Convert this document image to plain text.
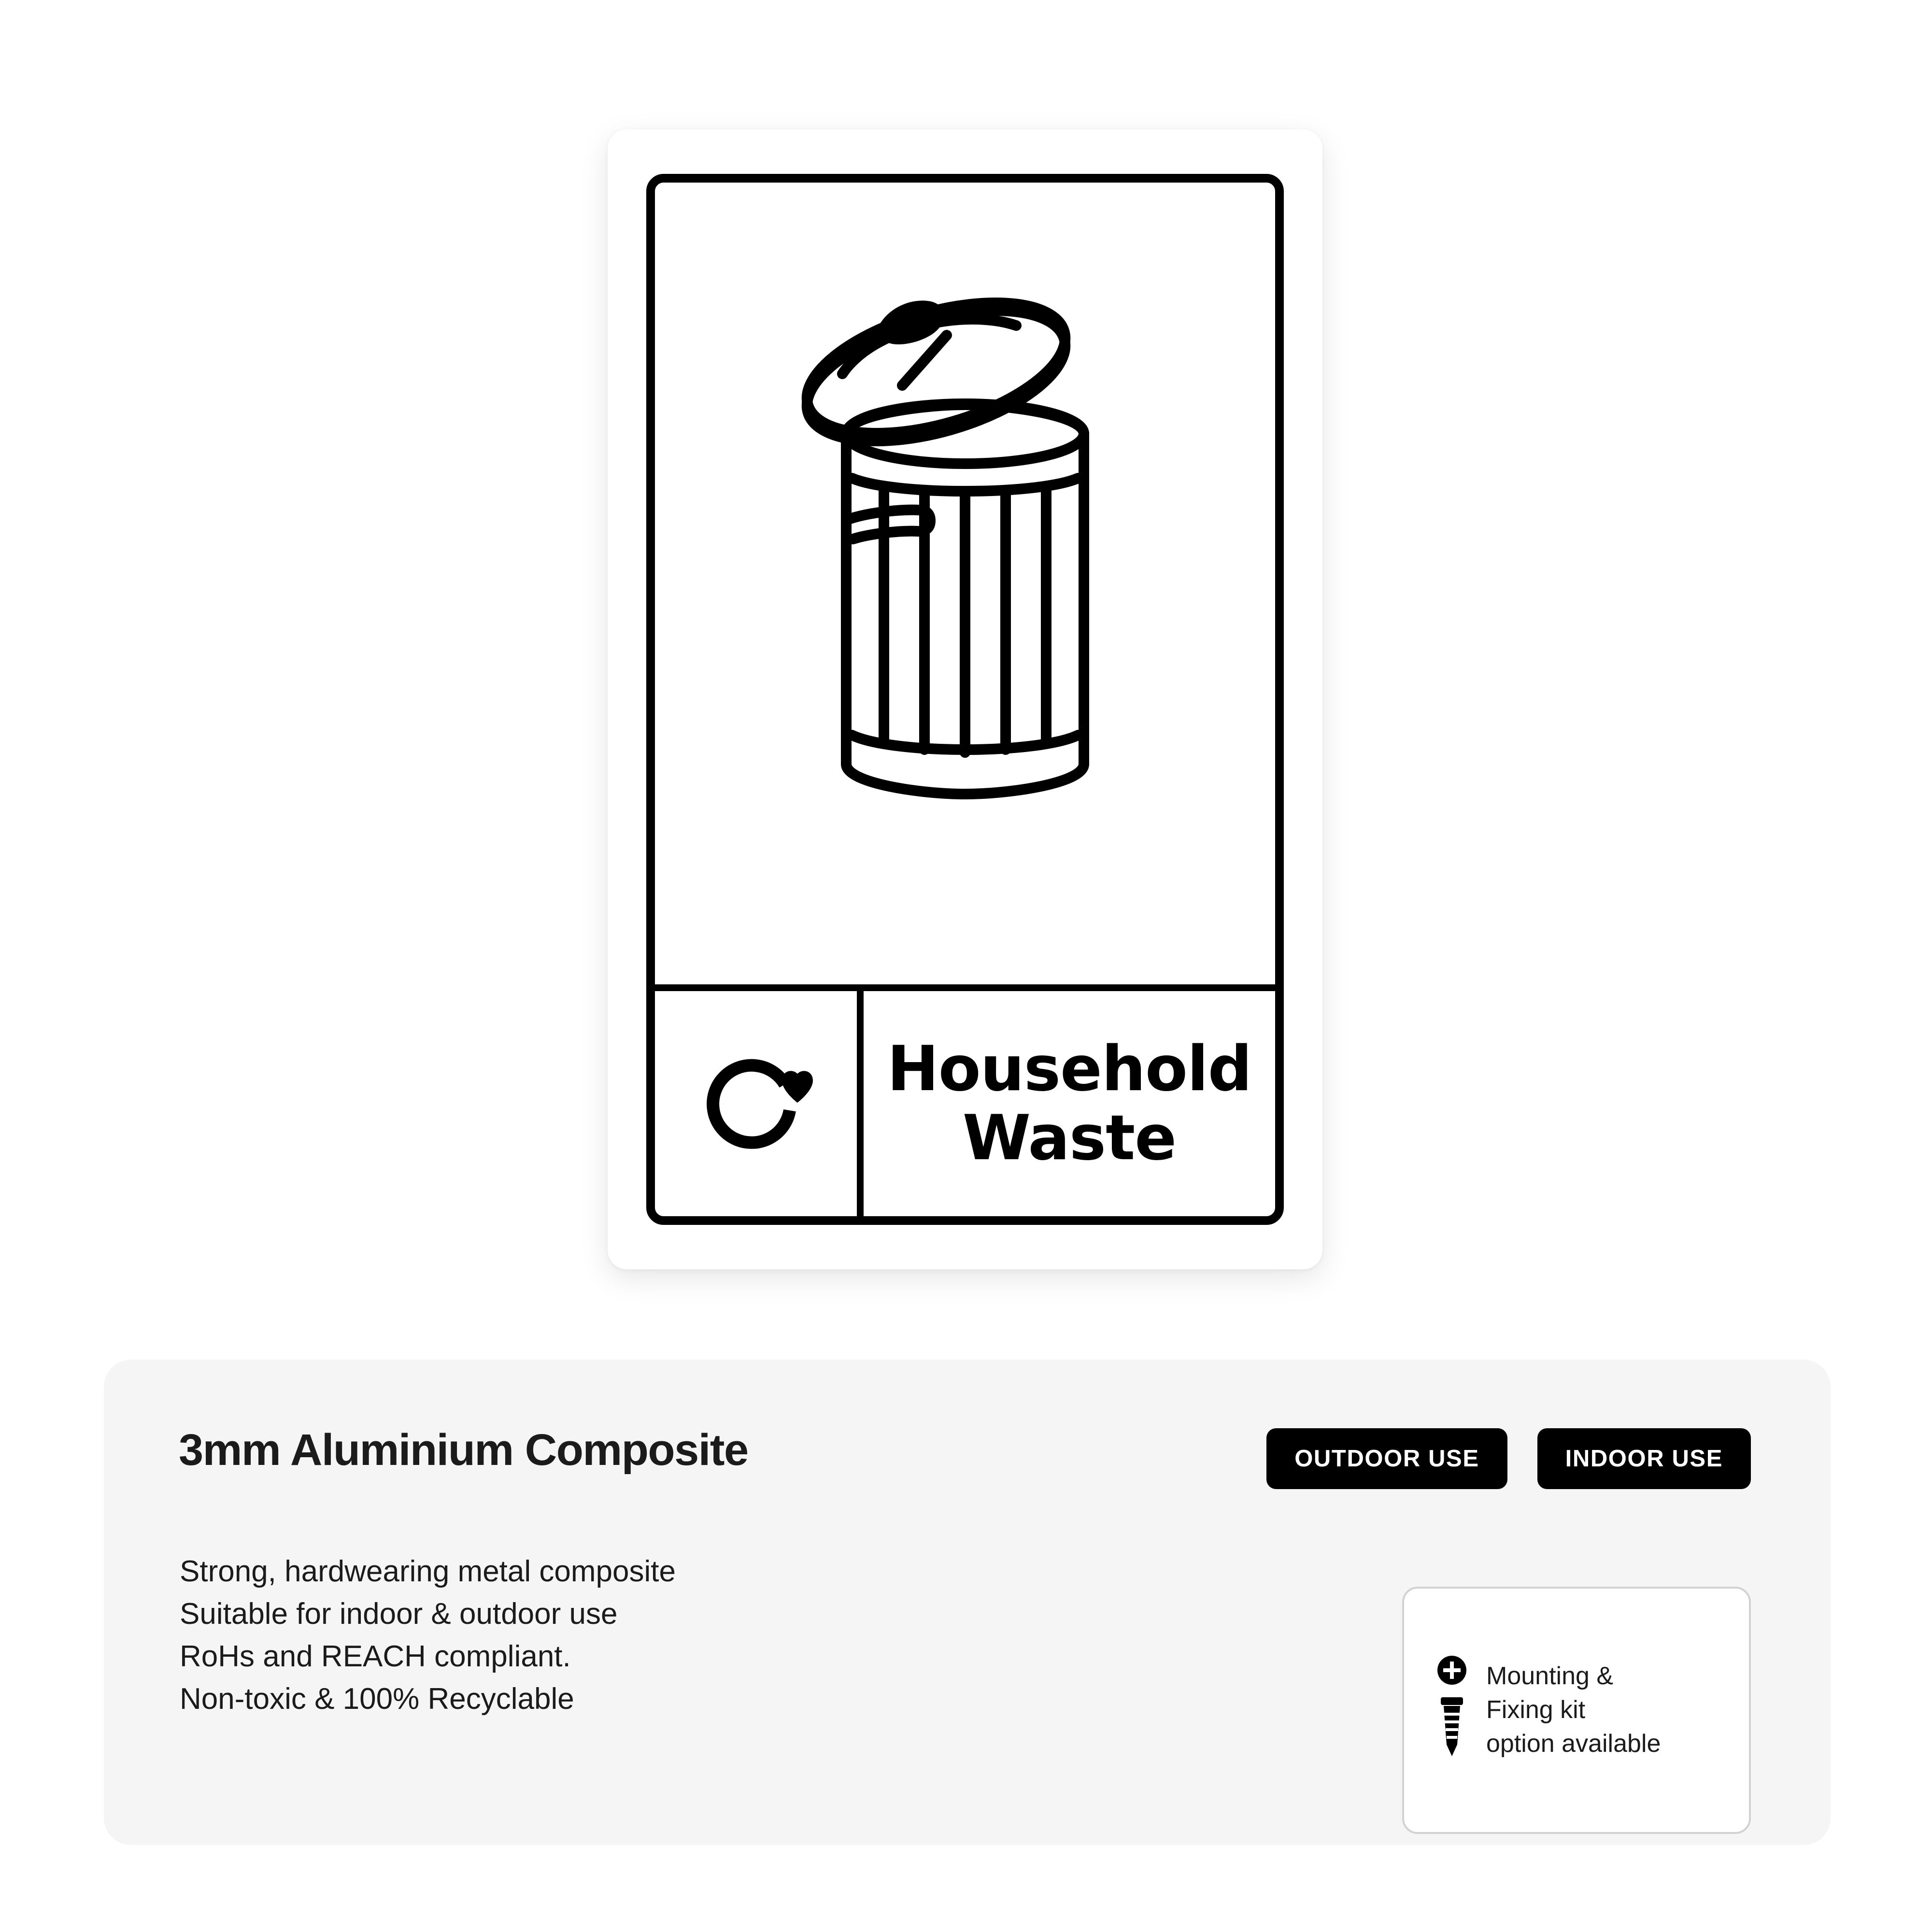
Household
Waste
3mm Aluminium Composite
Strong, hardwearing metal composite
Suitable for indoor & outdoor use
RoHs and REACH compliant.
Non-toxic & 100% Recyclable
OUTDOOR USE	INDOOR USE
Mounting &
Fixing kit
option available
